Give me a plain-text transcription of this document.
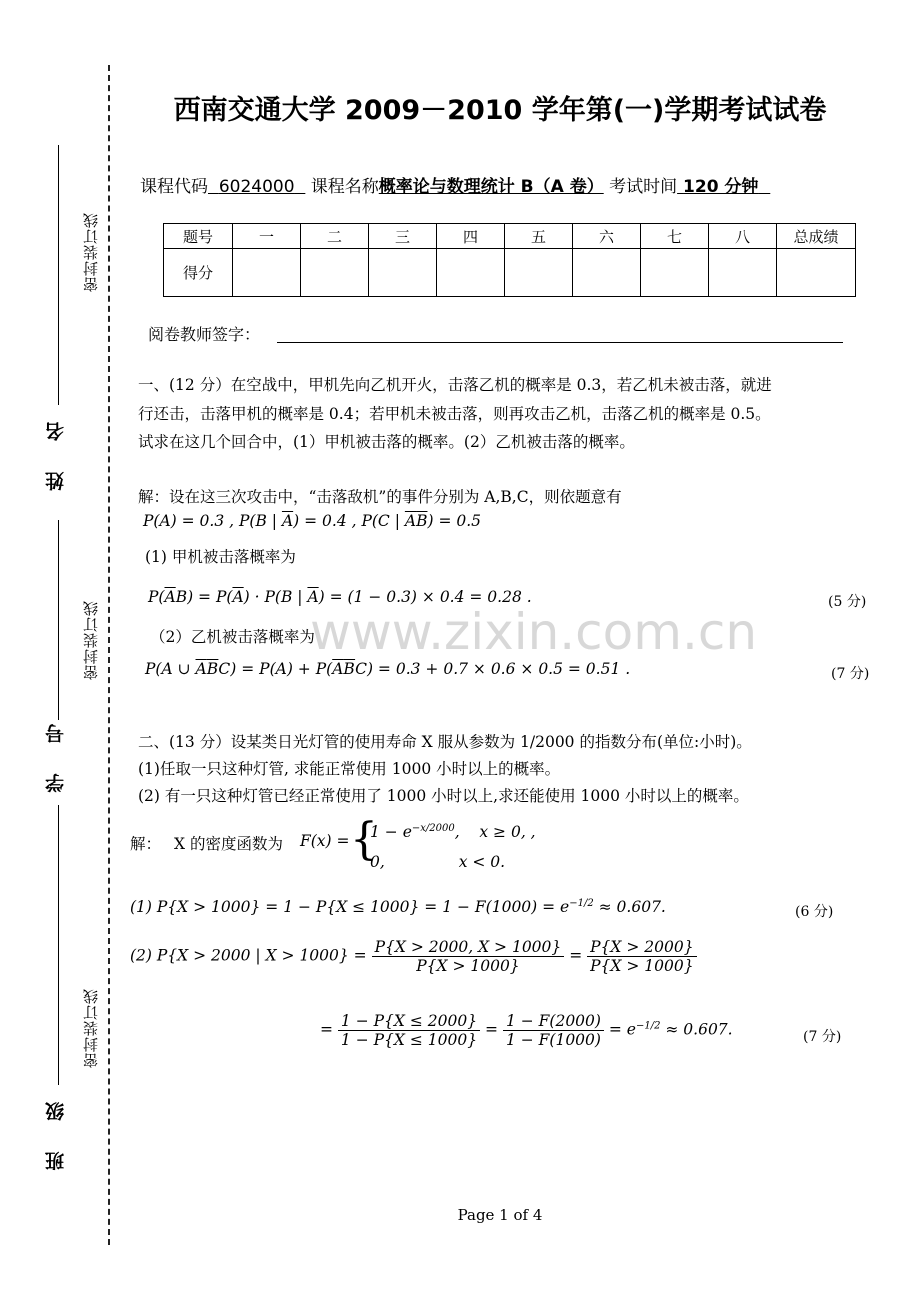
密封装订线
密封装订线
密封装订线
姓 名
学 号
班 级
西南交通大学 2009－2010 学年第(一)学期考试试卷
课程代码 6024000 课程名称概率论与数理统计 B（A 卷） 考试时间 120 分钟
题号	一	二	三	四	五	六	七	八	总成绩
得分									
阅卷教师签字：
一、(12 分）在空战中，甲机先向乙机开火，击落乙机的概率是 0.3，若乙机未被击落，就进
行还击，击落甲机的概率是 0.4；若甲机未被击落，则再攻击乙机，击落乙机的概率是 0.5。
试求在这几个回合中，(1）甲机被击落的概率。(2）乙机被击落的概率。
解：设在这三次攻击中，“击落敌机”的事件分别为 A,B,C，则依题意有
P(A) = 0.3 , P(B | $\overline{A}) = 0.4$ , P(C | $\overline{A}\overline{B}) = 0.5$
(1) 甲机被击落概率为
$P(\overline{A}B) = P(\overline{A}) \cdot P(B$ | $\overline{A}) = (1 - 0.3) \times 0.4 = 0.28$ .	(5 分)
（2）乙机被击落概率为
P(A ∪ $\overline{A}\overline{B}C) = P(A) + P(\overline{A}\overline{B}C) = 0.3 + 0.7 \times 0.6 \times 0.5 = 0.51$ .	(7 分)
www.zixin.com.cn
二、(13 分）设某类日光灯管的使用寿命 X 服从参数为 1/2000 的指数分布(单位:小时)。
(1)任取一只这种灯管, 求能正常使用 1000 小时以上的概率。
(2) 有一只这种灯管已经正常使用了 1000 小时以上,求还能使用 1000 小时以上的概率。
解： X 的密度函数为 F(x) = {
$1 - e^{-x/2000}$,    x ≥ 0, ,
0,               x < 0.
(1) $P\{X > 1000\} = 1 - P\{X \le 1000\} = 1 - F(1000) = e^{-1/2} \approx 0.607$.	(6 分)
(2) P{X > 2000 | $X > 1000\} = \frac{P\{X > 2000, X > 1000\}}{P\{X > 1000\}} = \frac{P\{X > 2000\}}{P\{X > 1000\}}$
= $\frac{1 - P\{X \le 2000\}}{1 - P\{X \le 1000\}} = \frac{1 - F(2000)}{1 - F(1000)} = e^{-1/2} \approx 0.607$.	(7 分)
Page 1 of 4
